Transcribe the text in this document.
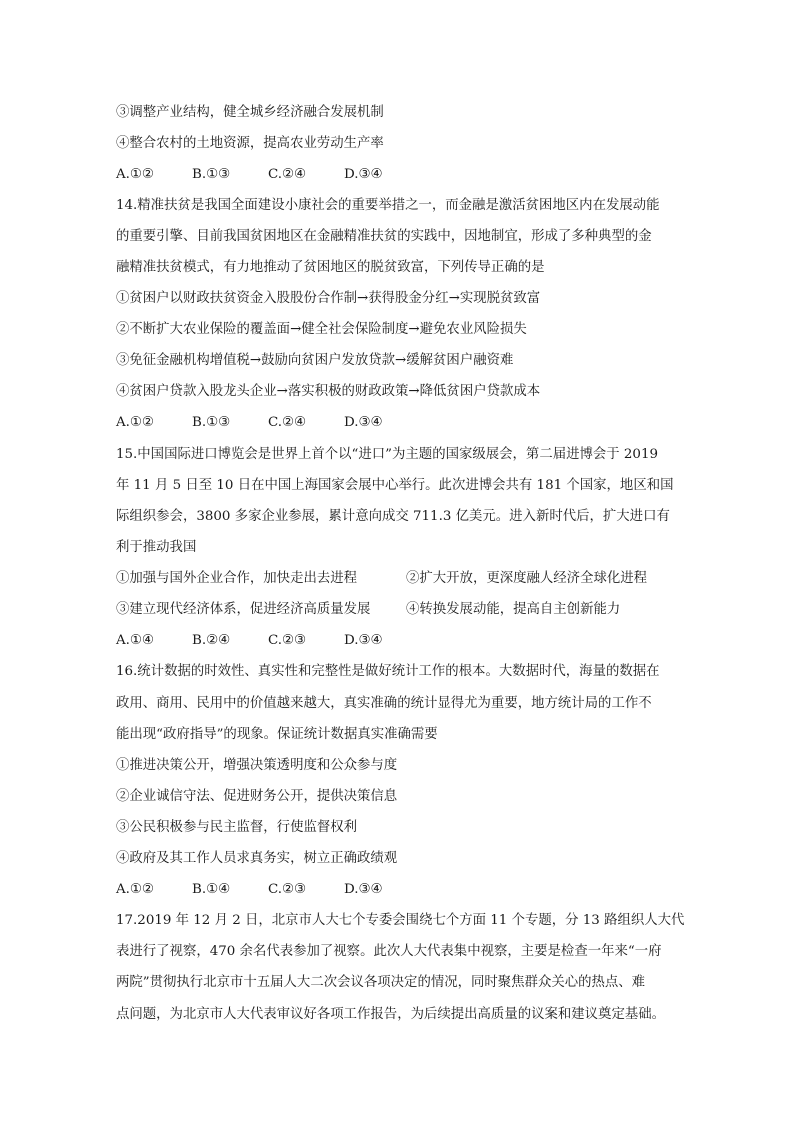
③调整产业结构，健全城乡经济融合发展机制
④整合农村的土地资源，提高农业劳动生产率
A.①②	B.①③	C.②④	D.③④
14.精准扶贫是我国全面建设小康社会的重要举措之一，而金融是激活贫困地区内在发展动能
的重要引擎、目前我国贫困地区在金融精准扶贫的实践中，因地制宜，形成了多种典型的金
融精准扶贫模式，有力地推动了贫困地区的脱贫致富，下列传导正确的是
①贫困户以财政扶贫资金入股股份合作制→获得股金分红→实现脱贫致富
②不断扩大农业保险的覆盖面→健全社会保险制度→避免农业风险损失
③免征金融机构增值税→鼓励向贫困户发放贷款→缓解贫困户融资难
④贫困户贷款入股龙头企业→落实积极的财政政策→降低贫困户贷款成本
A.①②	B.①③	C.②④	D.③④
15.中国国际进口博览会是世界上首个以“进口”为主题的国家级展会，第二届进博会于 2019
年 11 月 5 日至 10 日在中国上海国家会展中心举行。此次进博会共有 181 个国家，地区和国
际组织参会，3800 多家企业参展，累计意向成交 711.3 亿美元。进入新时代后，扩大进口有
利于推动我国
①加强与国外企业合作，加快走出去进程	②扩大开放，更深度融人经济全球化进程
③建立现代经济体系，促进经济高质量发展	④转换发展动能，提高自主创新能力
A.①④	B.②④	C.②③	D.③④
16.统计数据的时效性、真实性和完整性是做好统计工作的根本。大数据时代，海量的数据在
政用、商用、民用中的价值越来越大，真实准确的统计显得尤为重要，地方统计局的工作不
能出现“政府指导”的现象。保证统计数据真实准确需要
①推进决策公开，增强决策透明度和公众参与度
②企业诚信守法、促进财务公开，提供决策信息
③公民积极参与民主监督，行使监督权利
④政府及其工作人员求真务实，树立正确政绩观
A.①②	B.①④	C.②③	D.③④
17.2019 年 12 月 2 日，北京市人大七个专委会围绕七个方面 11 个专题，分 13 路组织人大代
表进行了视察，470 余名代表参加了视察。此次人大代表集中视察，主要是检查一年来“一府
两院”贯彻执行北京市十五届人大二次会议各项决定的情况，同时聚焦群众关心的热点、难
点问题，为北京市人大代表审议好各项工作报告，为后续提出高质量的议案和建议奠定基础。
